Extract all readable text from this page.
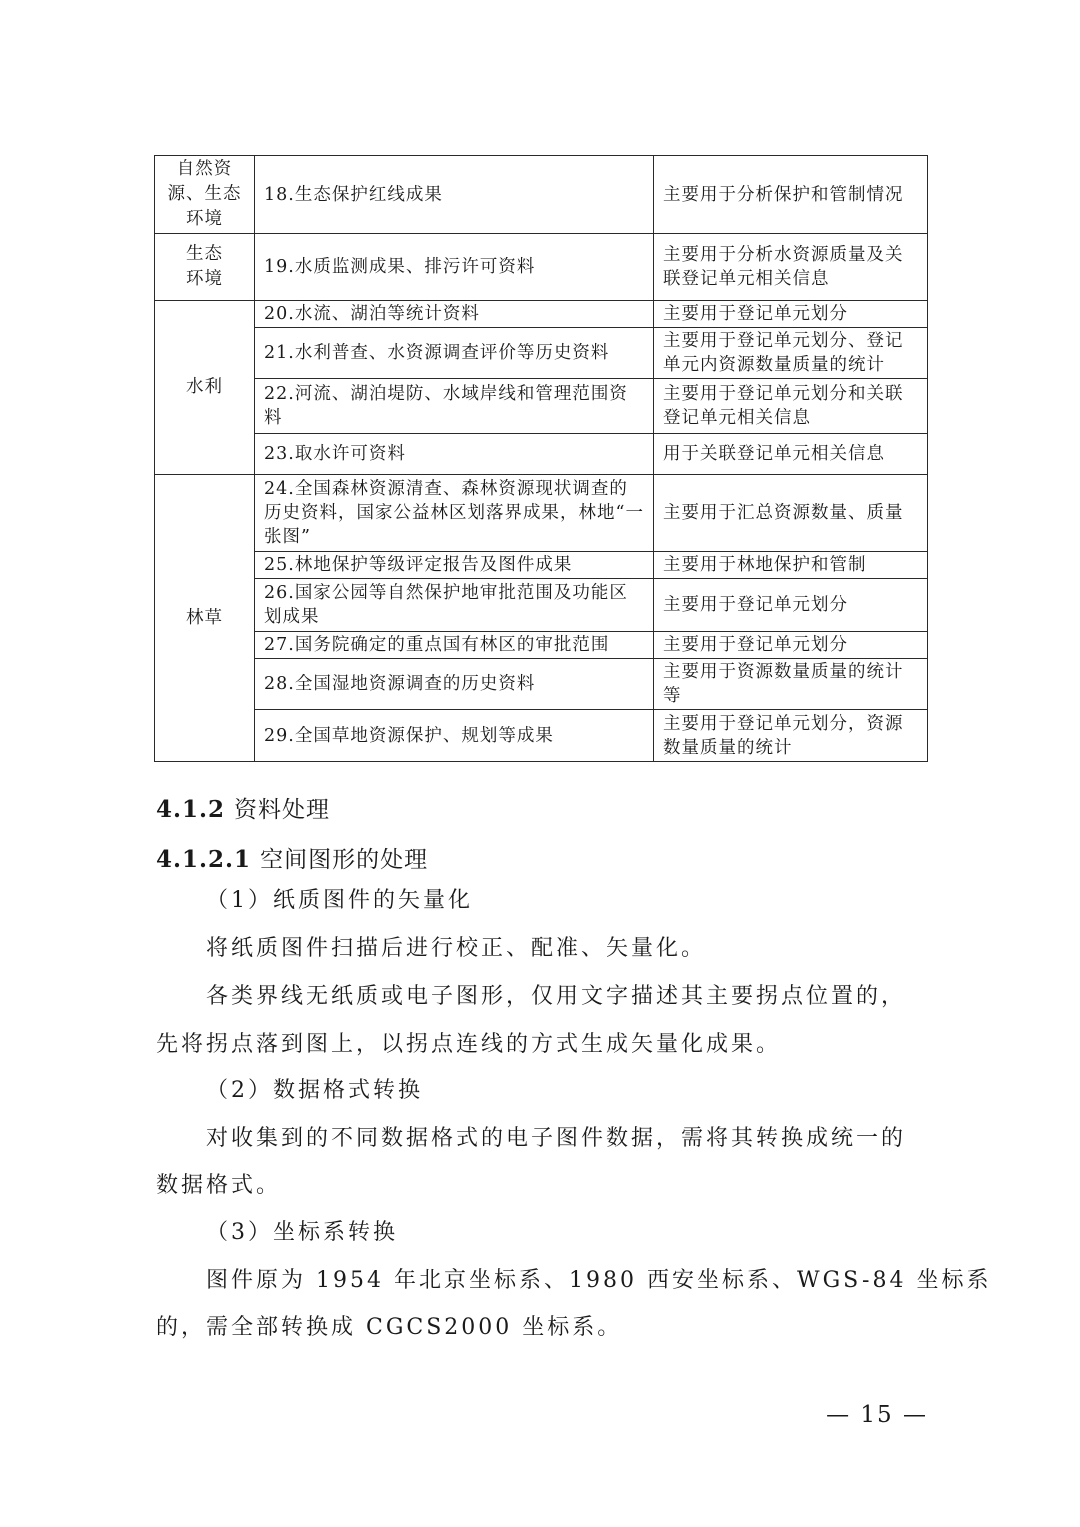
自然资
源、生态
环境	18.生态保护红线成果	主要用于分析保护和管制情况

生态
环境	19.水质监测成果、排污许可资料	主要用于分析水资源质量及关联登记单元相关信息

水利	20.水流、湖泊等统计资料	主要用于登记单元划分
	21.水利普查、水资源调查评价等历史资料	主要用于登记单元划分、登记单元内资源数量质量的统计
	22.河流、湖泊堤防、水域岸线和管理范围资料	主要用于登记单元划分和关联登记单元相关信息
	23.取水许可资料	用于关联登记单元相关信息

林草	24.全国森林资源清查、森林资源现状调查的历史资料，国家公益林区划落界成果，林地“一张图”	主要用于汇总资源数量、质量
	25.林地保护等级评定报告及图件成果	主要用于林地保护和管制
	26.国家公园等自然保护地审批范围及功能区划成果	主要用于登记单元划分
	27.国务院确定的重点国有林区的审批范围	主要用于登记单元划分
	28.全国湿地资源调查的历史资料	主要用于资源数量质量的统计等
	29.全国草地资源保护、规划等成果	主要用于登记单元划分，资源数量质量的统计
4.1.2 资料处理
4.1.2.1 空间图形的处理
（1）纸质图件的矢量化
将纸质图件扫描后进行校正、配准、矢量化。
各类界线无纸质或电子图形，仅用文字描述其主要拐点位置的，
先将拐点落到图上，以拐点连线的方式生成矢量化成果。
（2）数据格式转换
对收集到的不同数据格式的电子图件数据，需将其转换成统一的
数据格式。
（3）坐标系转换
图件原为 1954 年北京坐标系、1980 西安坐标系、WGS-84 坐标系
的，需全部转换成 CGCS2000 坐标系。
— 15 —
